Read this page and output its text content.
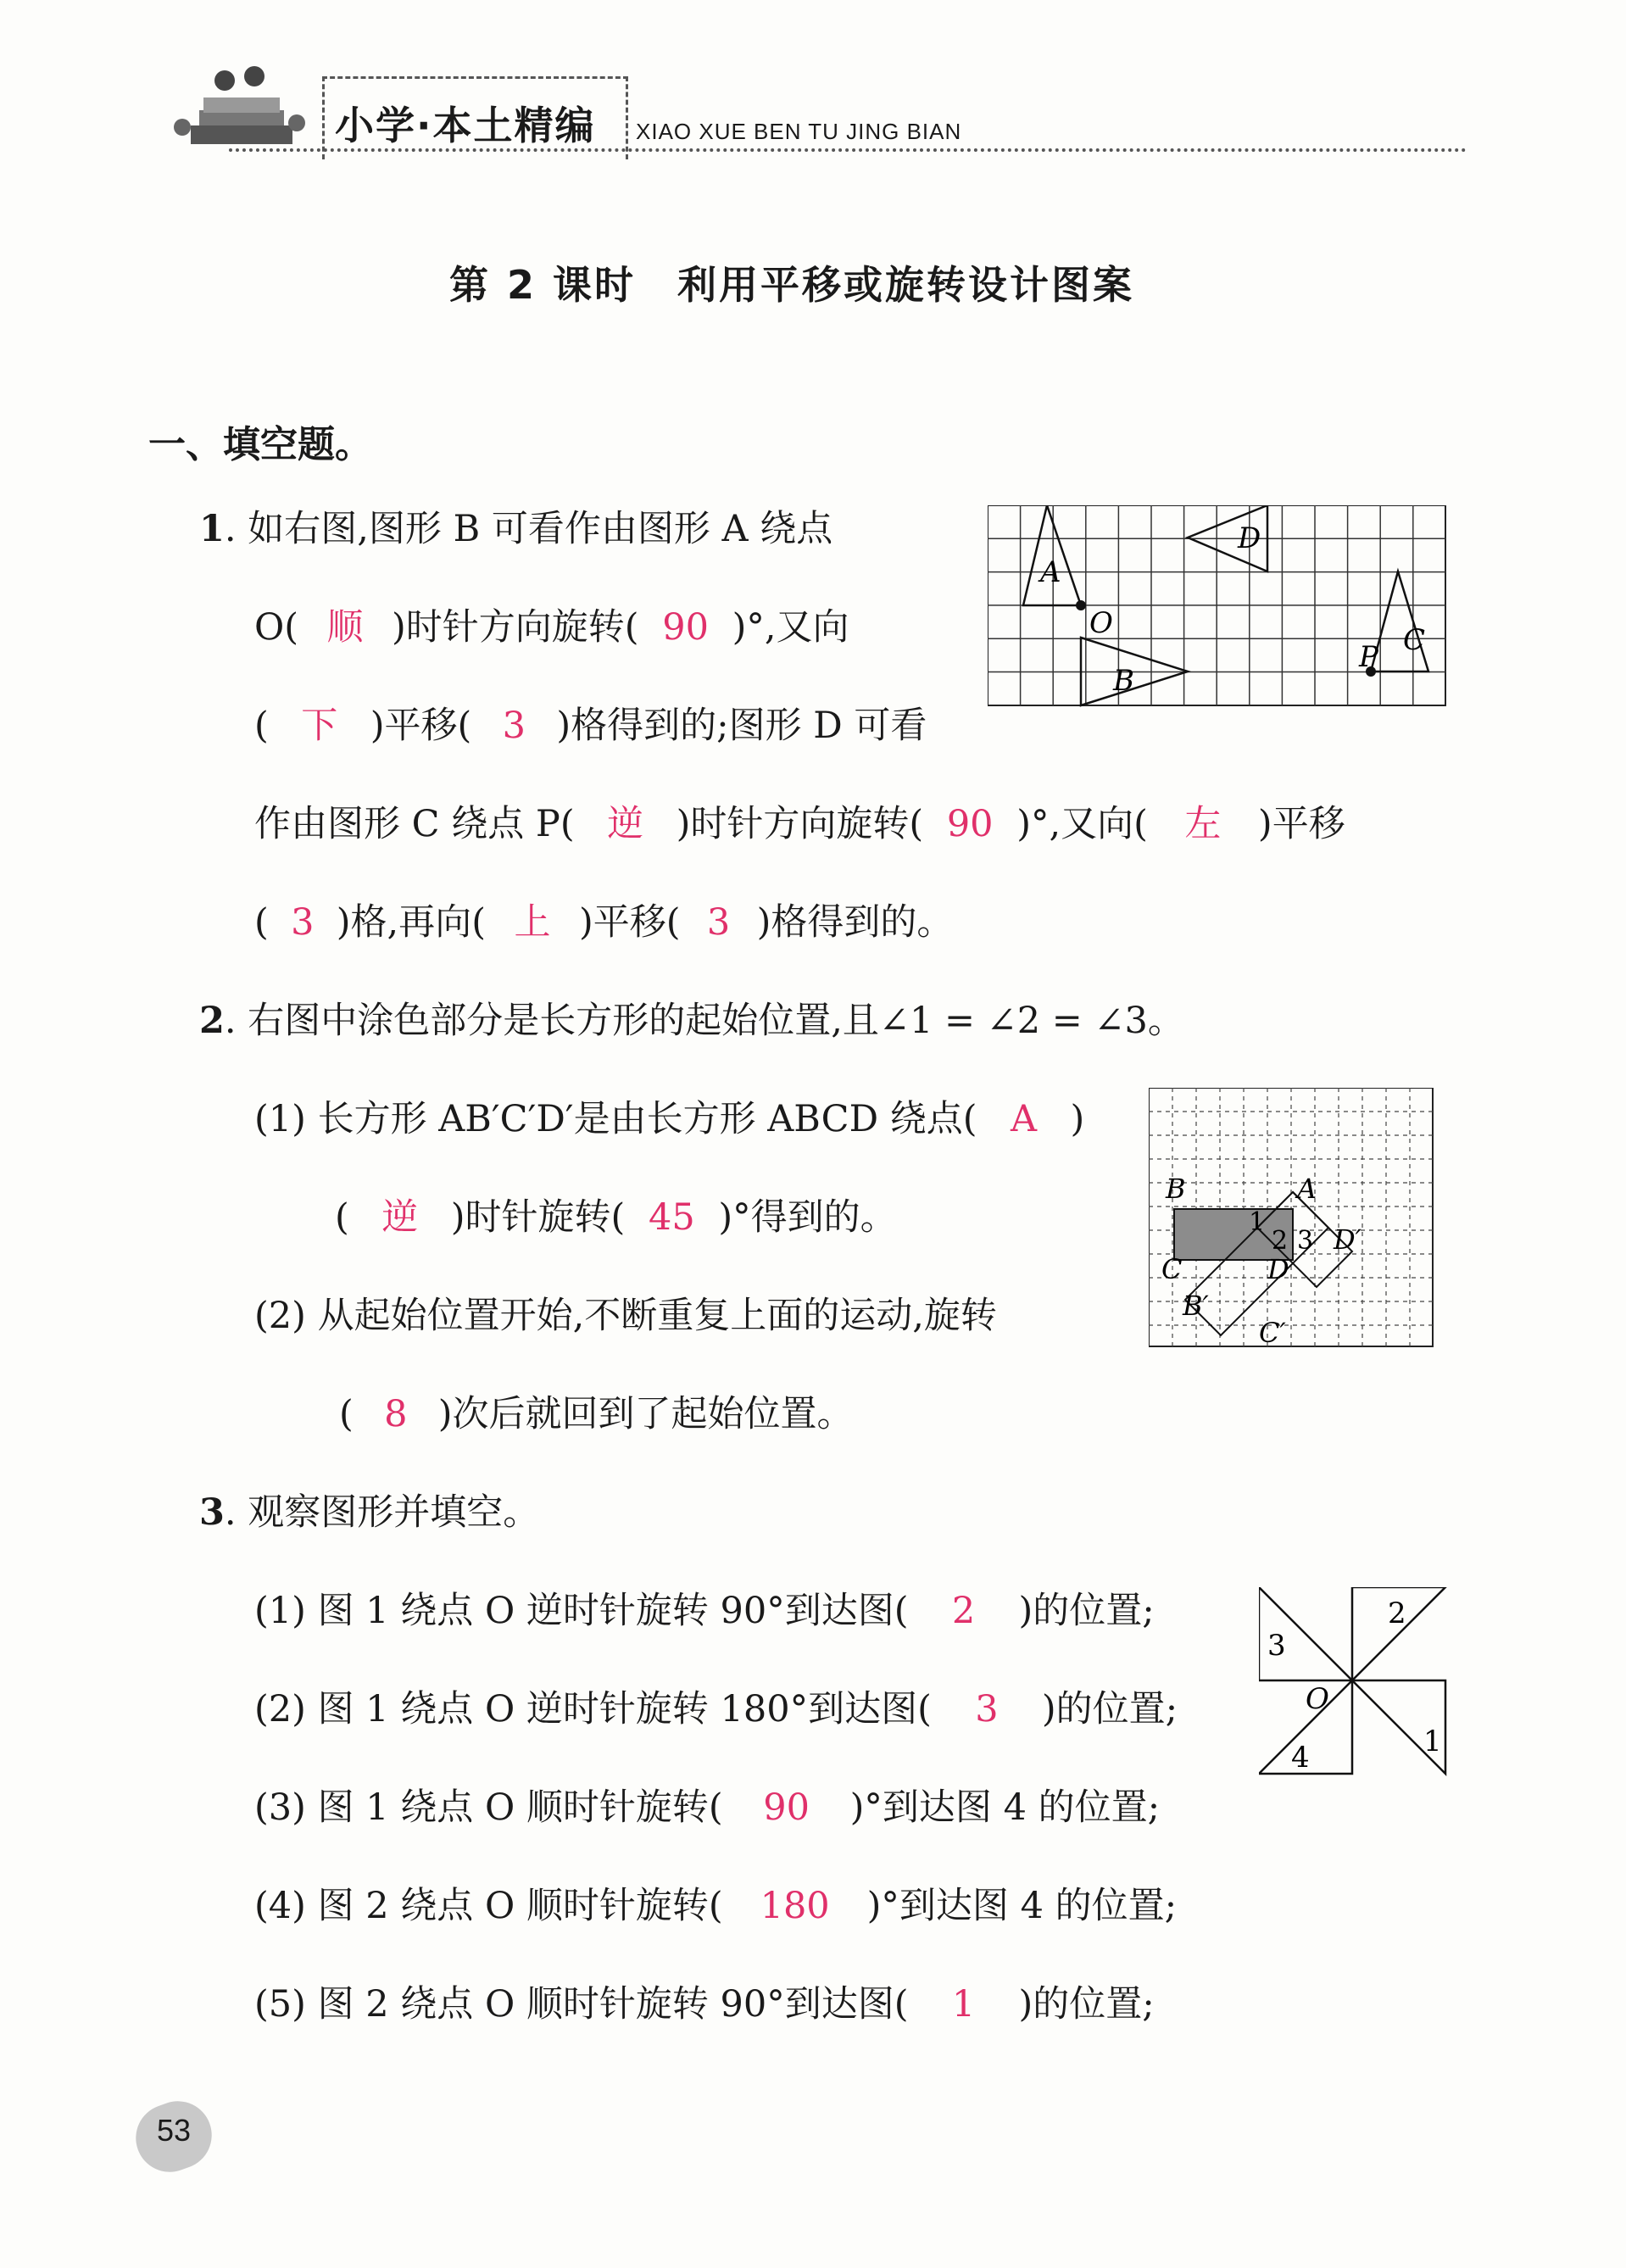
小学·本土精编 XIAO XUE BEN TU JING BIAN
第 2 课时　利用平移或旋转设计图案
一、填空题。
1. 如右图,图形 B 可看作由图形 A 绕点
O( 顺 )时针方向旋转( 90 )°,又向
( 下 )平移( 3 )格得到的;图形 D 可看
作由图形 C 绕点 P( 逆 )时针方向旋转( 90 )°,又向( 左 )平移
( 3 )格,再向( 上 )平移( 3 )格得到的。
A
B
C
D
O
P
2. 右图中涂色部分是长方形的起始位置,且∠1 = ∠2 = ∠3。
(1) 长方形 AB′C′D′是由长方形 ABCD 绕点( A )
( 逆 )时针旋转( 45 )°得到的。
(2) 从起始位置开始,不断重复上面的运动,旋转
( 8 )次后就回到了起始位置。
B	A
C	D
B′
C′
D′
1
2 3
3. 观察图形并填空。
(1) 图 1 绕点 O 逆时针旋转 90°到达图( 2 )的位置;
(2) 图 1 绕点 O 逆时针旋转 180°到达图( 3 )的位置;
(3) 图 1 绕点 O 顺时针旋转( 90 )°到达图 4 的位置;
(4) 图 2 绕点 O 顺时针旋转( 180 )°到达图 4 的位置;
(5) 图 2 绕点 O 顺时针旋转 90°到达图( 1 )的位置;
2
3
4	1
O
53
